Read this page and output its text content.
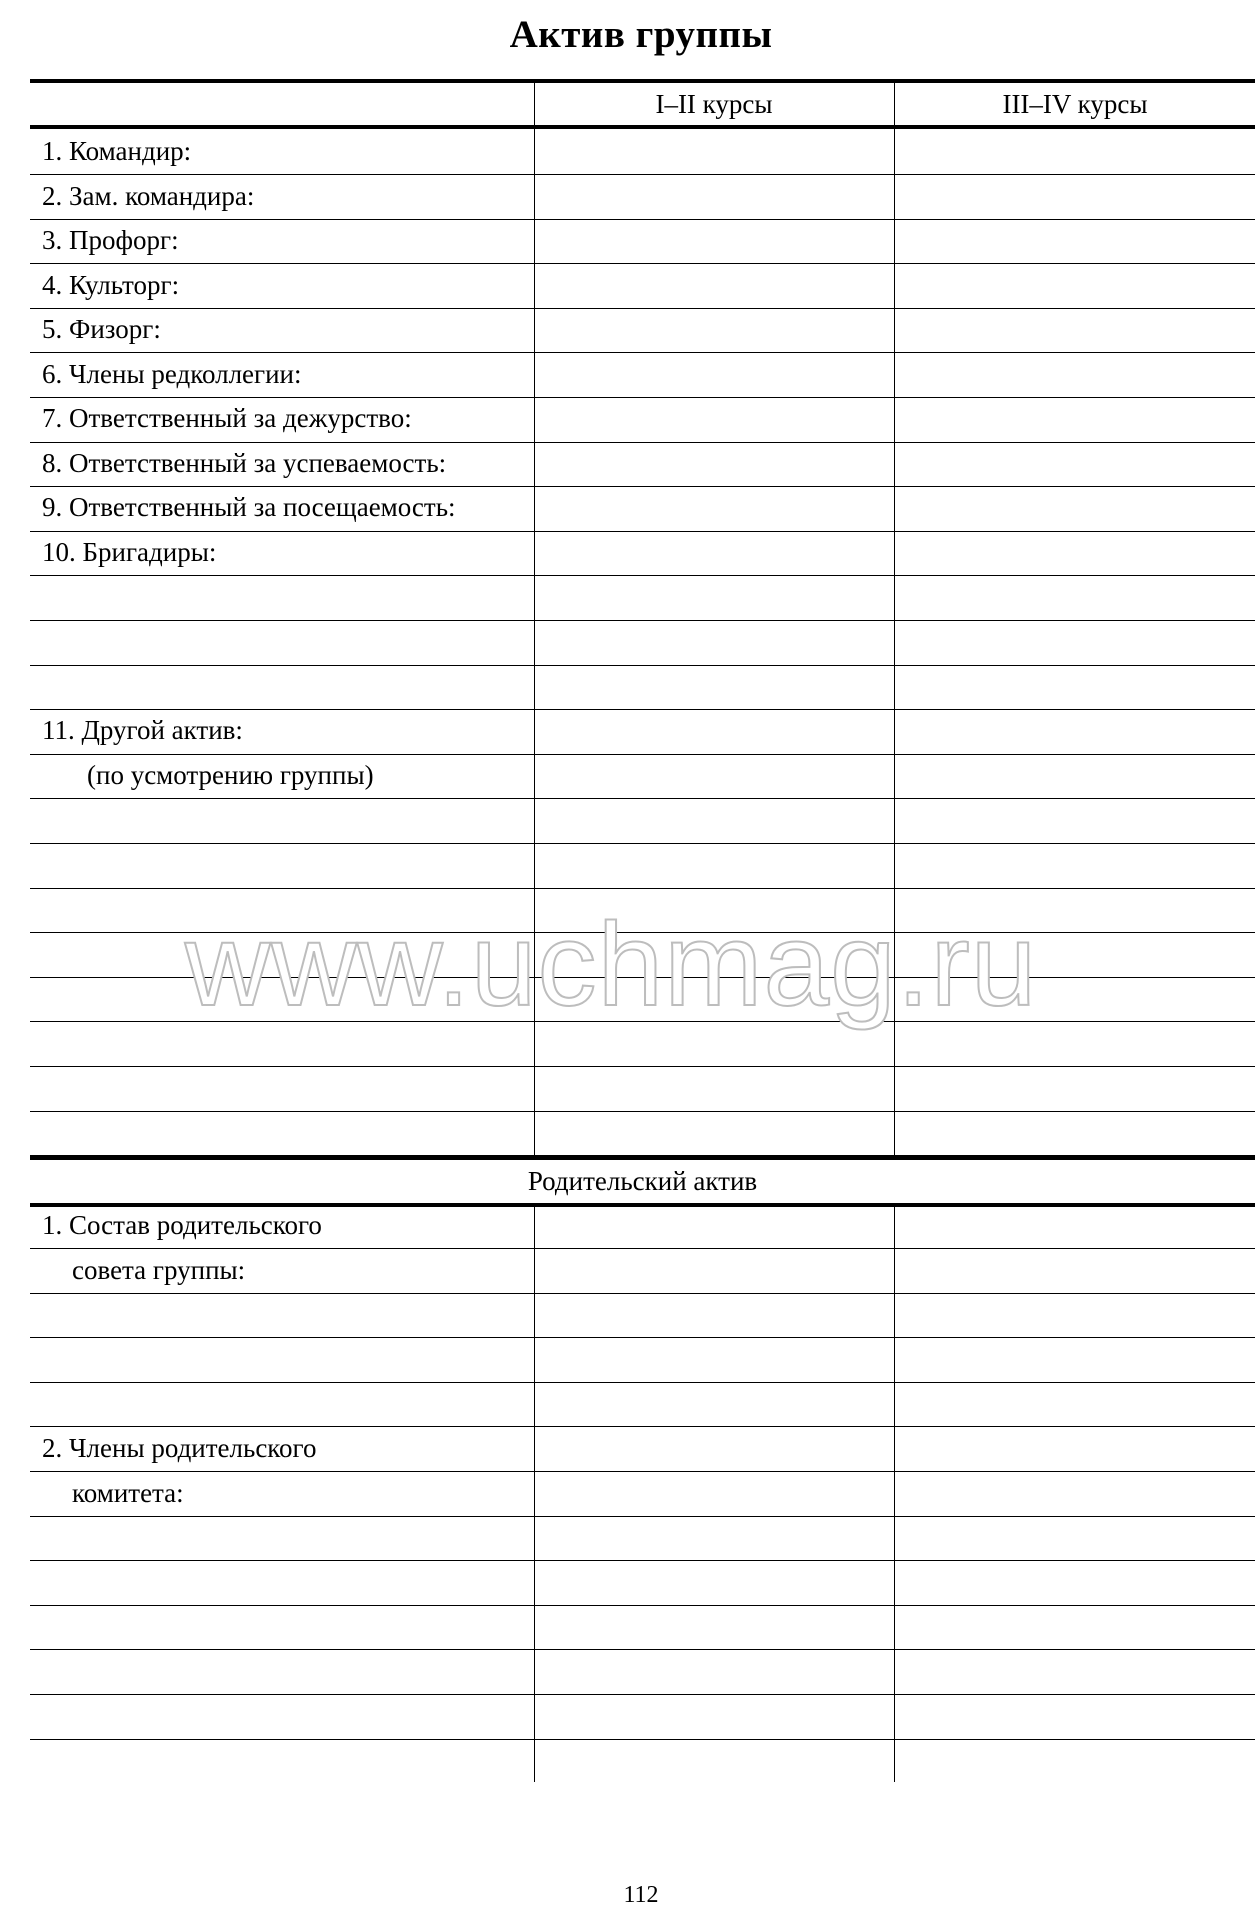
Актив группы
I–II курсы	III–IV курсы
1. Командир:
2. Зам. командира:
3. Профорг:
4. Культорг:
5. Физорг:
6. Члены редколлегии:
7. Ответственный за дежурство:
8. Ответственный за успеваемость:
9. Ответственный за посещаемость:
10. Бригадиры:
11. Другой актив:
(по усмотрению группы)
Родительский актив
1. Состав родительского
совета группы:
2. Члены родительского
комитета:
www.uchmag.ru
112
